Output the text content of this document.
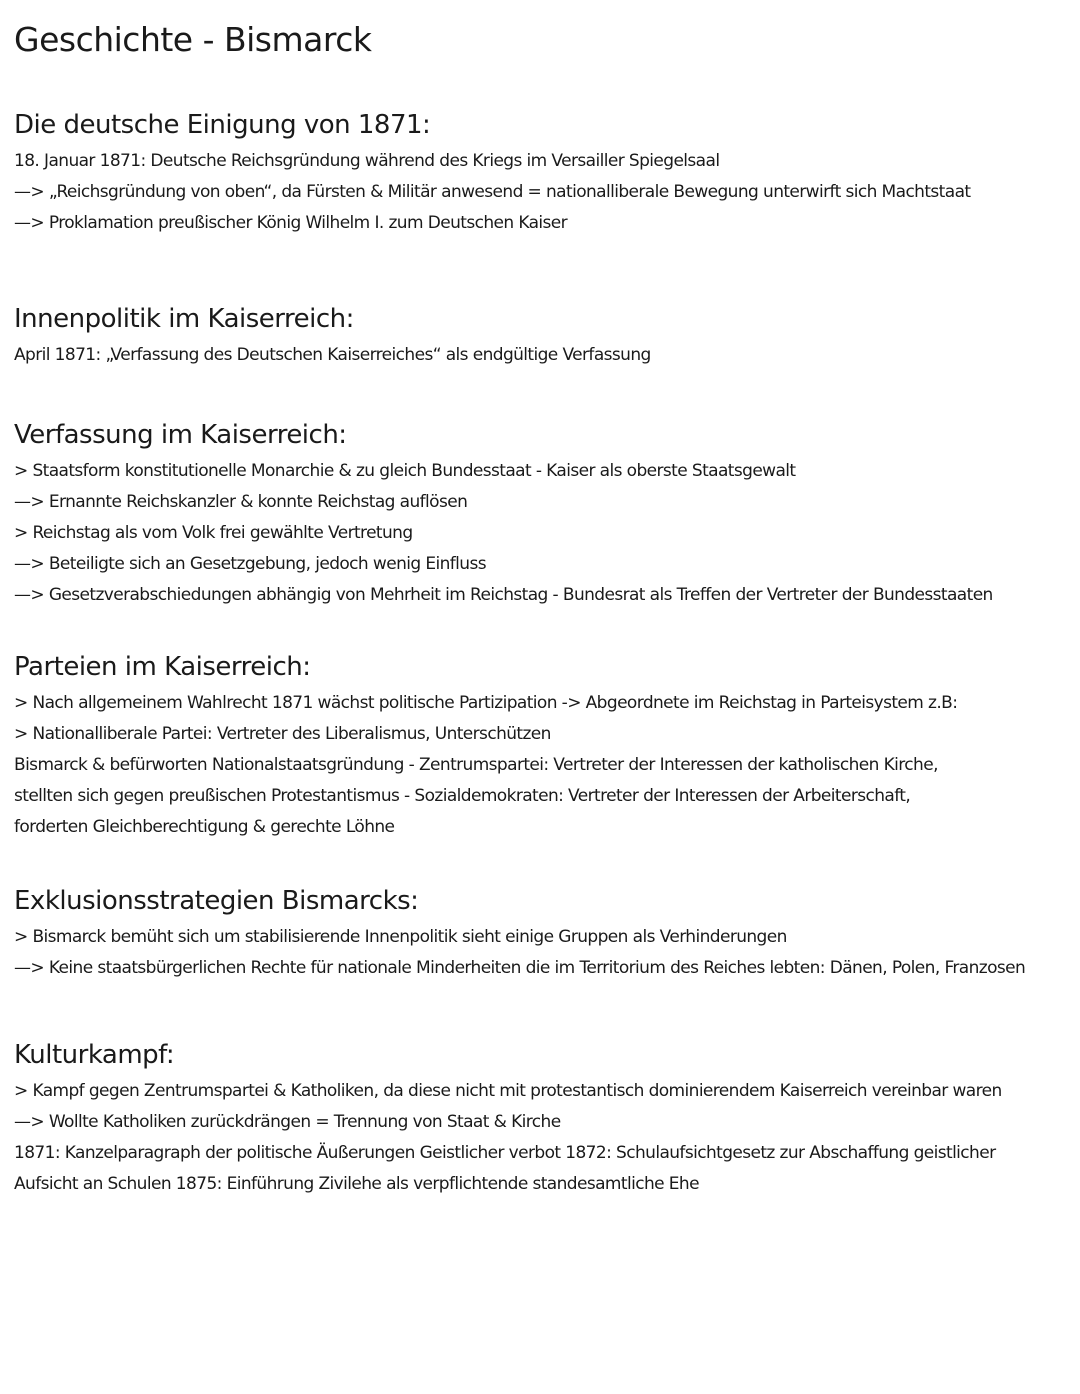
Geschichte - Bismarck
Die deutsche Einigung von 1871:
18. Januar 1871: Deutsche Reichsgründung während des Kriegs im Versailler Spiegelsaal
—> „Reichsgründung von oben“, da Fürsten & Militär anwesend = nationalliberale Bewegung unterwirft sich Machtstaat
—> Proklamation preußischer König Wilhelm I. zum Deutschen Kaiser
Innenpolitik im Kaiserreich:
April 1871: „Verfassung des Deutschen Kaiserreiches“ als endgültige Verfassung
Verfassung im Kaiserreich:
> Staatsform konstitutionelle Monarchie & zu gleich Bundesstaat - Kaiser als oberste Staatsgewalt
—> Ernannte Reichskanzler & konnte Reichstag auflösen
> Reichstag als vom Volk frei gewählte Vertretung
—> Beteiligte sich an Gesetzgebung, jedoch wenig Einfluss
—> Gesetzverabschiedungen abhängig von Mehrheit im Reichstag - Bundesrat als Treffen der Vertreter der Bundesstaaten
Parteien im Kaiserreich:
> Nach allgemeinem Wahlrecht 1871 wächst politische Partizipation -> Abgeordnete im Reichstag in Parteisystem z.B:
> Nationalliberale Partei: Vertreter des Liberalismus, Unterschützen
Bismarck & befürworten Nationalstaatsgründung - Zentrumspartei: Vertreter der Interessen der katholischen Kirche,
stellten sich gegen preußischen Protestantismus - Sozialdemokraten: Vertreter der Interessen der Arbeiterschaft,
forderten Gleichberechtigung & gerechte Löhne
Exklusionsstrategien Bismarcks:
> Bismarck bemüht sich um stabilisierende Innenpolitik sieht einige Gruppen als Verhinderungen
—> Keine staatsbürgerlichen Rechte für nationale Minderheiten die im Territorium des Reiches lebten: Dänen, Polen, Franzosen
Kulturkampf:
> Kampf gegen Zentrumspartei & Katholiken, da diese nicht mit protestantisch dominierendem Kaiserreich vereinbar waren
—> Wollte Katholiken zurückdrängen = Trennung von Staat & Kirche
1871: Kanzelparagraph der politische Äußerungen Geistlicher verbot 1872: Schulaufsichtgesetz zur Abschaffung geistlicher
Aufsicht an Schulen 1875: Einführung Zivilehe als verpflichtende standesamtliche Ehe
